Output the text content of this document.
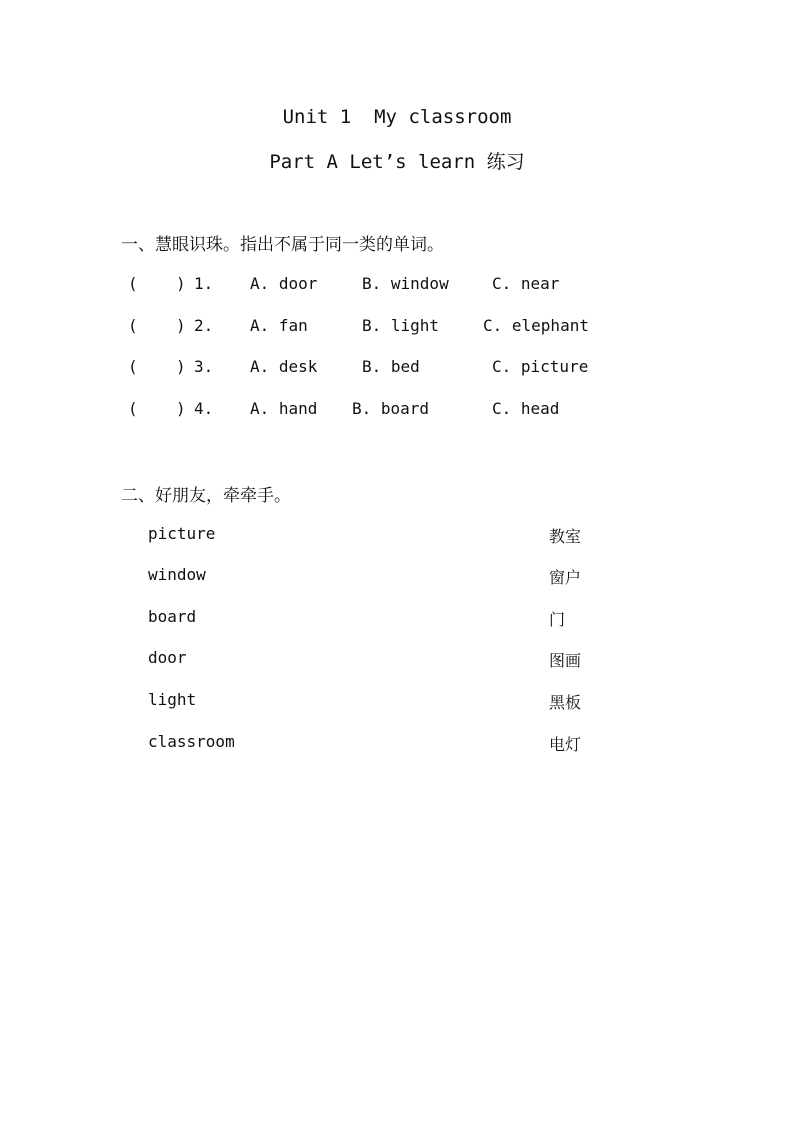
Unit 1  My classroom
Part A Let’s learn 练习
一、慧眼识珠。指出不属于同一类的单词。
( ) 1. A. door	B. window	C. near
( ) 2. A. fan	B. light	C. elephant
( ) 3. A. desk	B. bed	C. picture
( ) 4. A. hand B. board	C. head
二、好朋友，牵牵手。
picture	教室
window	窗户
board	门
door	图画
light	黑板
classroom	电灯
